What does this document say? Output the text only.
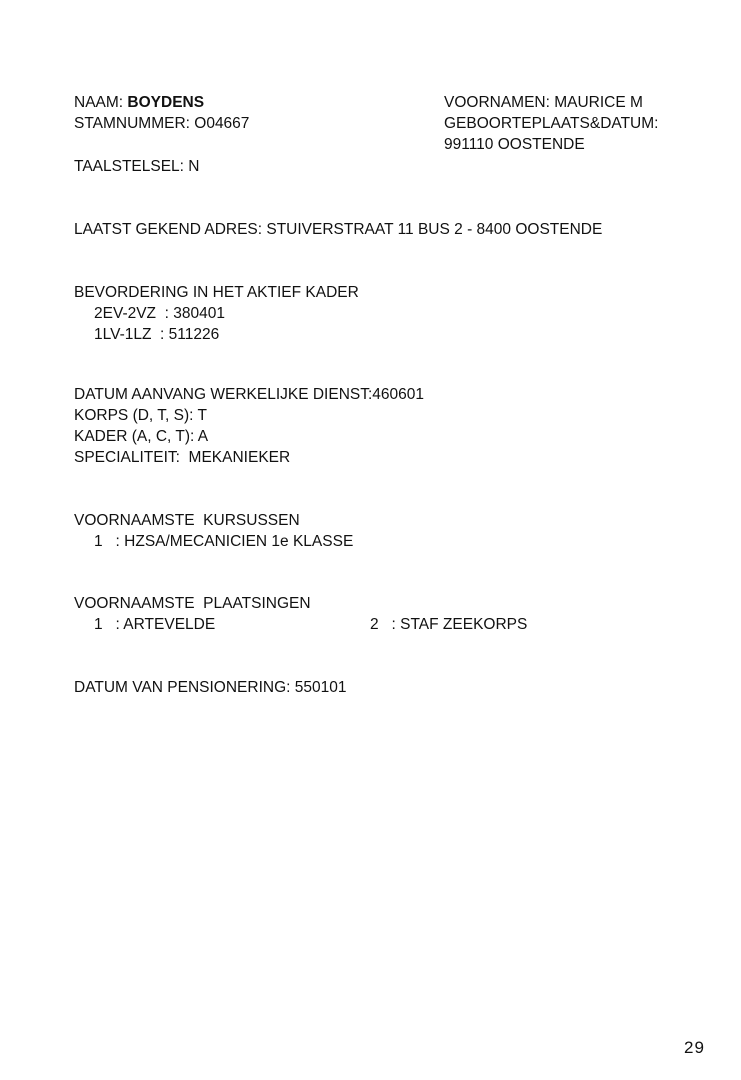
NAAM: BOYDENS	VOORNAMEN: MAURICE M
STAMNUMMER: O04667	GEBOORTEPLAATS&DATUM:
991110 OOSTENDE
TAALSTELSEL: N
LAATST GEKEND ADRES: STUIVERSTRAAT 11 BUS 2 - 8400 OOSTENDE
BEVORDERING IN HET AKTIEF KADER
2EV-2VZ  : 380401
1LV-1LZ  : 511226
DATUM AANVANG WERKELIJKE DIENST:460601
KORPS (D, T, S): T
KADER (A, C, T): A
SPECIALITEIT:  MEKANIEKER
VOORNAAMSTE  KURSUSSEN
1   : HZSA/MECANICIEN 1e KLASSE
VOORNAAMSTE  PLAATSINGEN
1   : ARTEVELDE	2   : STAF ZEEKORPS
DATUM VAN PENSIONERING: 550101
29
